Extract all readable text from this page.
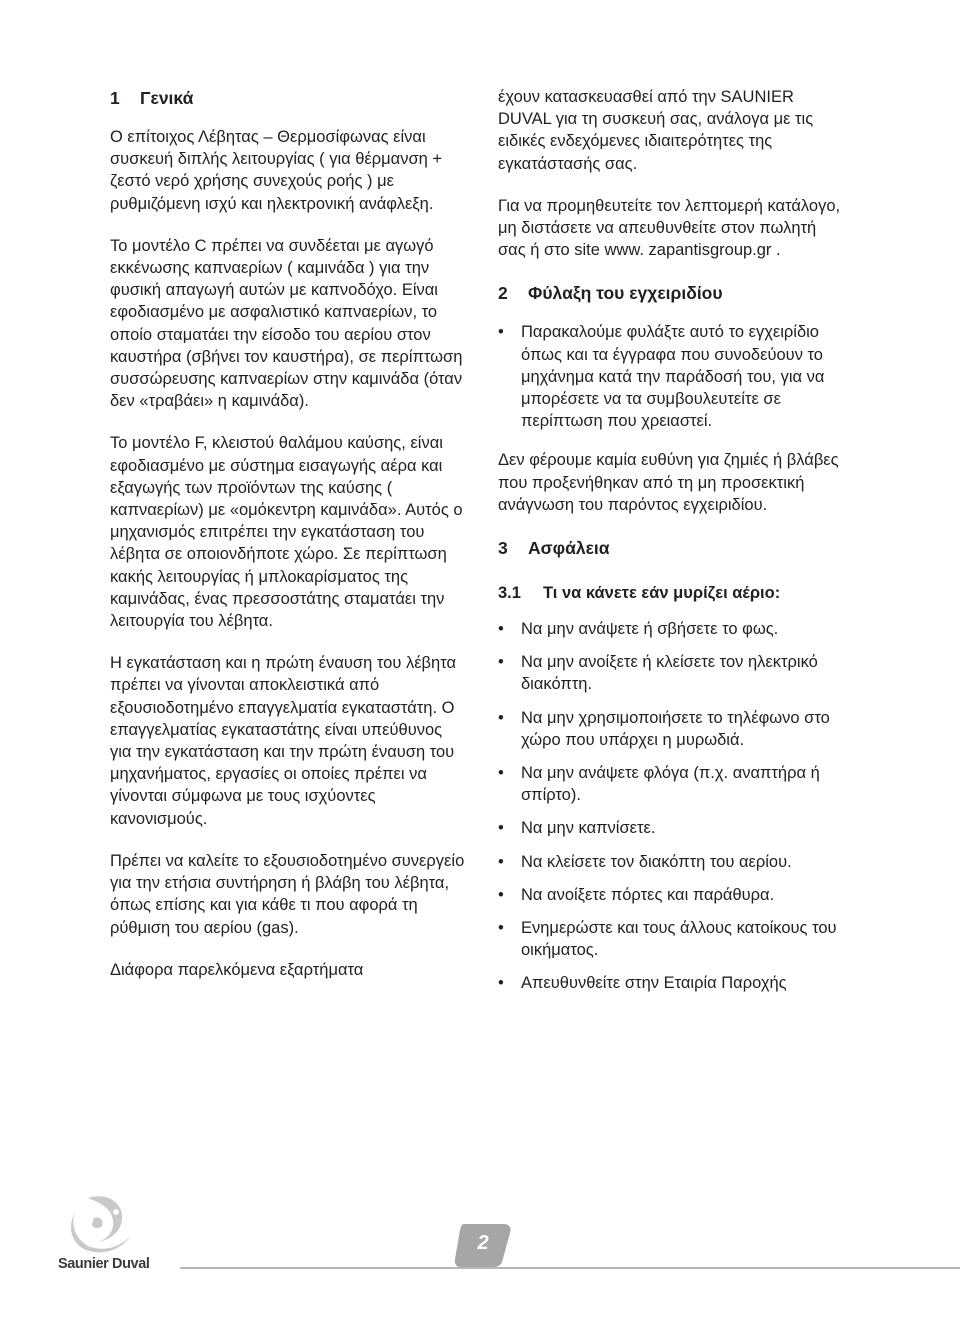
1 Γενικά

Ο επίτοιχος Λέβητας – Θερμοσίφωνας είναι συσκευή διπλής λειτουργίας ( για θέρμανση + ζεστό νερό χρήσης συνεχούς ροής ) με ρυθμιζόμενη ισχύ και ηλεκτρονική ανάφλεξη.

Το μοντέλο C πρέπει να συνδέεται με αγωγό εκκένωσης καπναερίων ( καμινάδα ) για την φυσική απαγωγή αυτών με καπνοδόχο. Είναι εφοδιασμένο με ασφαλιστικό καπναερίων, το οποίο σταματάει την είσοδο του αερίου στον καυστήρα (σβήνει τον καυστήρα), σε περίπτωση συσσώρευσης καπναερίων στην καμινάδα (όταν δεν «τραβάει» η καμινάδα).

Το μοντέλο F, κλειστού θαλάμου καύσης, είναι εφοδιασμένο με σύστημα εισαγωγής αέρα και εξαγωγής των προϊόντων της καύσης ( καπναερίων) με «ομόκεντρη καμινάδα». Αυτός ο μηχανισμός επιτρέπει την εγκατάσταση του λέβητα σε οποιονδήποτε χώρο. Σε περίπτωση κακής λειτουργίας ή μπλοκαρίσματος της καμινάδας, ένας πρεσσοστάτης σταματάει την λειτουργία του λέβητα.

Η εγκατάσταση και η πρώτη έναυση του λέβητα πρέπει να γίνονται αποκλειστικά από εξουσιοδοτημένο επαγγελματία εγκαταστάτη. Ο επαγγελματίας εγκαταστάτης είναι υπεύθυνος για την εγκατάσταση και την πρώτη έναυση του μηχανήματος, εργασίες οι οποίες πρέπει να γίνονται σύμφωνα με τους ισχύοντες κανονισμούς.

Πρέπει να καλείτε το εξουσιοδοτημένο συνεργείο για την ετήσια συντήρηση ή βλάβη του λέβητα, όπως επίσης και για κάθε τι που αφορά τη ρύθμιση του αερίου (gas).

Διάφορα παρελκόμενα εξαρτήματα

έχουν κατασκευασθεί από την SAUNIER DUVAL για τη συσκευή σας, ανάλογα με τις ειδικές ενδεχόμενες ιδιαιτερότητες της εγκατάστασής σας.

Για να προμηθευτείτε τον λεπτομερή κατάλογο, μη διστάσετε να απευθυνθείτε στον πωλητή σας ή στο site www. zapantisgroup.gr .

2 Φύλαξη του εγχειριδίου
• Παρακαλούμε φυλάξτε αυτό το εγχειρίδιο όπως και τα έγγραφα που συνοδεύουν το μηχάνημα κατά την παράδοσή του, για να μπορέσετε να τα συμβουλευτείτε σε περίπτωση που χρειαστεί.

Δεν φέρουμε καμία ευθύνη για ζημιές ή βλάβες που προξενήθηκαν από τη μη προσεκτική ανάγνωση του παρόντος εγχειριδίου.

3 Ασφάλεια
3.1 Τι να κάνετε εάν μυρίζει αέριο:
• Να μην ανάψετε ή σβήσετε το φως.
• Να μην ανοίξετε ή κλείσετε τον ηλεκτρικό διακόπτη.
• Να μην χρησιμοποιήσετε το τηλέφωνο στο χώρο που υπάρχει η μυρωδιά.
• Να μην ανάψετε φλόγα (π.χ. αναπτήρα ή σπίρτο).
• Να μην καπνίσετε.
• Να κλείσετε τον διακόπτη του αερίου.
• Να ανοίξετε πόρτες και παράθυρα.
• Ενημερώστε και τους άλλους κατοίκους του οικήματος.
• Απευθυνθείτε στην Εταιρία Παροχής
Saunier Duval
2
